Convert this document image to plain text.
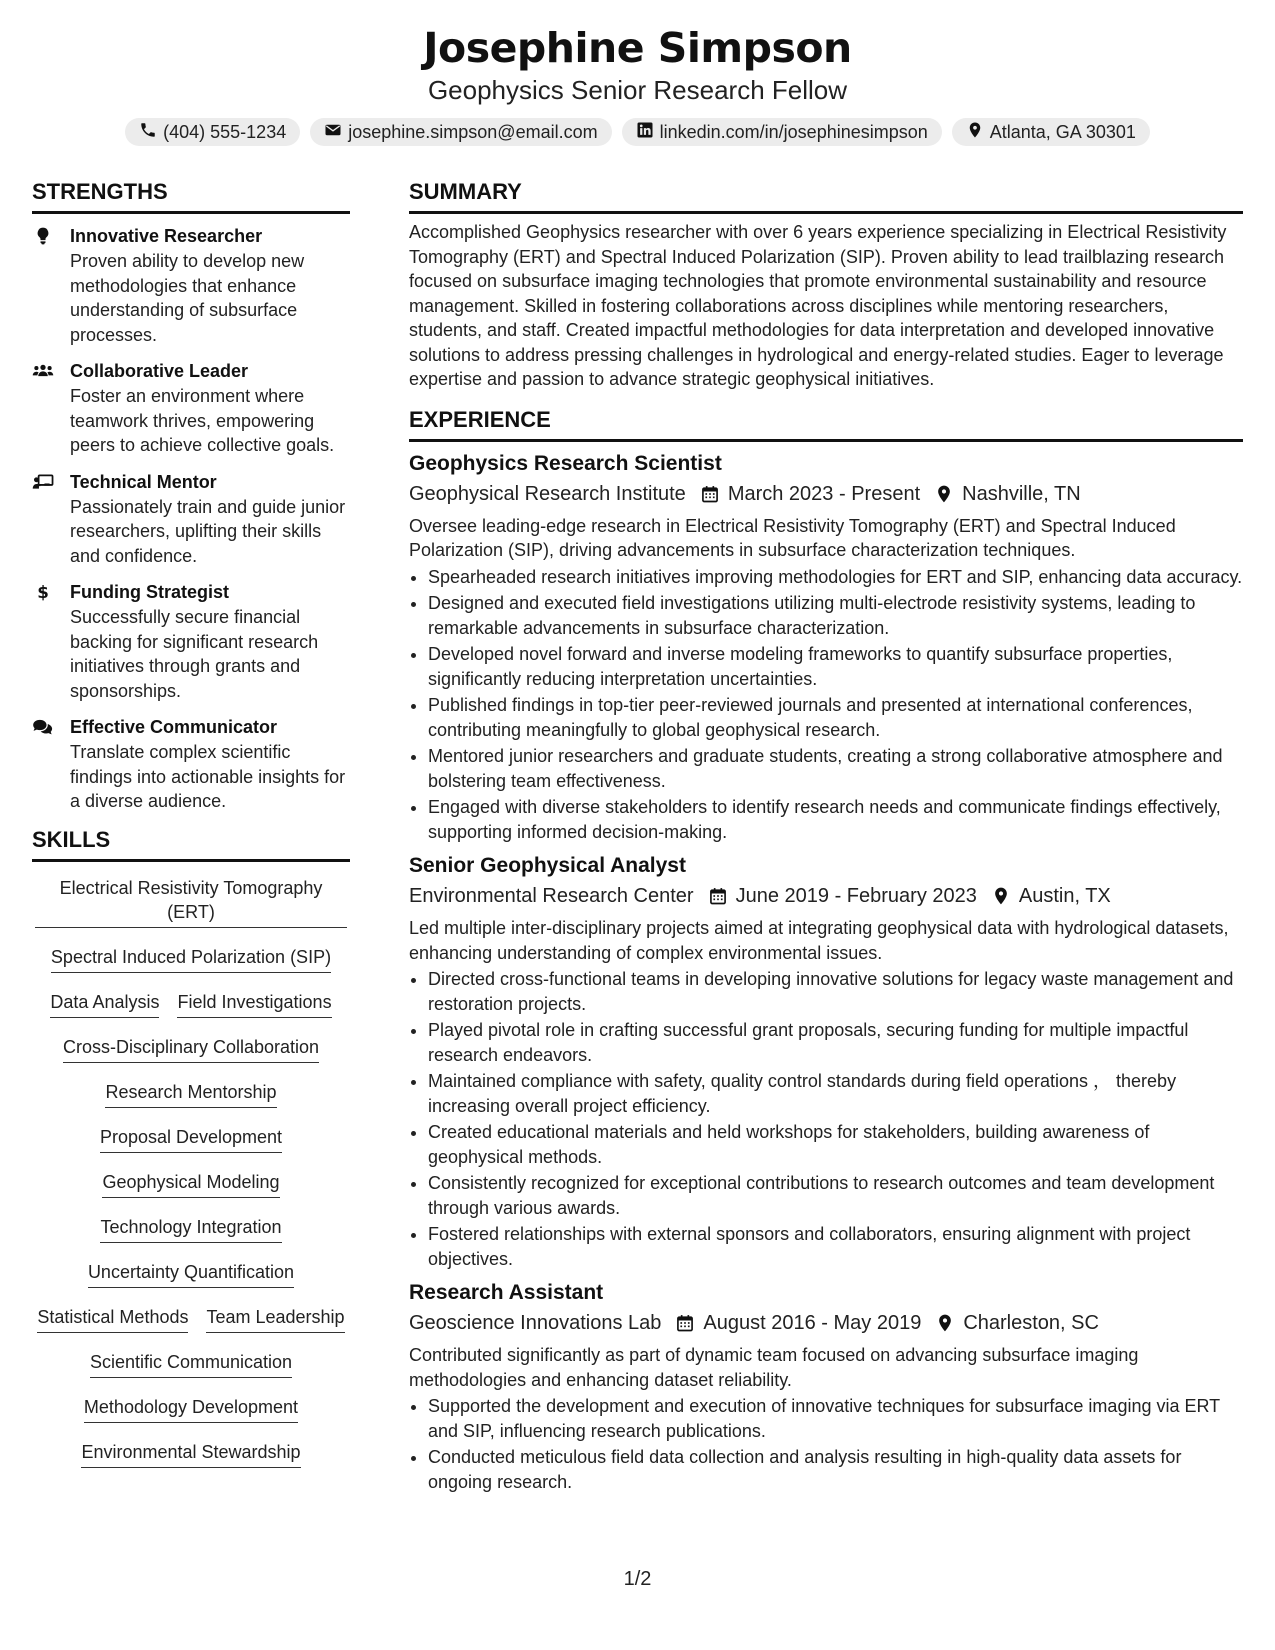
Josephine Simpson
Geophysics Senior Research Fellow
(404) 555-1234	josephine.simpson@email.com	linkedin.com/in/josephinesimpson	Atlanta, GA 30301
STRENGTHS
Innovative Researcher
Proven ability to develop new methodologies that enhance understanding of subsurface processes.
Collaborative Leader
Foster an environment where teamwork thrives, empowering peers to achieve collective goals.
Technical Mentor
Passionately train and guide junior researchers, uplifting their skills and confidence.
$ Funding Strategist
Successfully secure financial backing for significant research initiatives through grants and sponsorships.
Effective Communicator
Translate complex scientific findings into actionable insights for a diverse audience.
SKILLS
Electrical Resistivity Tomography (ERT)
Spectral Induced Polarization (SIP)
Data Analysis Field Investigations
Cross-Disciplinary Collaboration
Research Mentorship
Proposal Development
Geophysical Modeling
Technology Integration
Uncertainty Quantification
Statistical Methods Team Leadership
Scientific Communication
Methodology Development
Environmental Stewardship
SUMMARY
Accomplished Geophysics researcher with over 6 years experience specializing in Electrical Resistivity Tomography (ERT) and Spectral Induced Polarization (SIP). Proven ability to lead trailblazing research focused on subsurface imaging technologies that promote environmental sustainability and resource management. Skilled in fostering collaborations across disciplines while mentoring researchers, students, and staff. Created impactful methodologies for data interpretation and developed innovative solutions to address pressing challenges in hydrological and energy-related studies. Eager to leverage expertise and passion to advance strategic geophysical initiatives.
EXPERIENCE
Geophysics Research Scientist
Geophysical Research Institute March 2023 - Present Nashville, TN
Oversee leading-edge research in Electrical Resistivity Tomography (ERT) and Spectral Induced Polarization (SIP), driving advancements in subsurface characterization techniques.
• Spearheaded research initiatives improving methodologies for ERT and SIP, enhancing data accuracy.
• Designed and executed field investigations utilizing multi-electrode resistivity systems, leading to remarkable advancements in subsurface characterization.
• Developed novel forward and inverse modeling frameworks to quantify subsurface properties, significantly reducing interpretation uncertainties.
• Published findings in top-tier peer-reviewed journals and presented at international conferences, contributing meaningfully to global geophysical research.
• Mentored junior researchers and graduate students, creating a strong collaborative atmosphere and bolstering team effectiveness.
• Engaged with diverse stakeholders to identify research needs and communicate findings effectively, supporting informed decision-making.
Senior Geophysical Analyst
Environmental Research Center June 2019 - February 2023 Austin, TX
Led multiple inter-disciplinary projects aimed at integrating geophysical data with hydrological datasets, enhancing understanding of complex environmental issues.
• Directed cross-functional teams in developing innovative solutions for legacy waste management and restoration projects.
• Played pivotal role in crafting successful grant proposals, securing funding for multiple impactful research endeavors.
• Maintained compliance with safety, quality control standards during field operations ， thereby increasing overall project efficiency.
• Created educational materials and held workshops for stakeholders, building awareness of geophysical methods.
• Consistently recognized for exceptional contributions to research outcomes and team development through various awards.
• Fostered relationships with external sponsors and collaborators, ensuring alignment with project objectives.
Research Assistant
Geoscience Innovations Lab August 2016 - May 2019 Charleston, SC
Contributed significantly as part of dynamic team focused on advancing subsurface imaging methodologies and enhancing dataset reliability.
• Supported the development and execution of innovative techniques for subsurface imaging via ERT and SIP, influencing research publications.
• Conducted meticulous field data collection and analysis resulting in high-quality data assets for ongoing research.
1/2
